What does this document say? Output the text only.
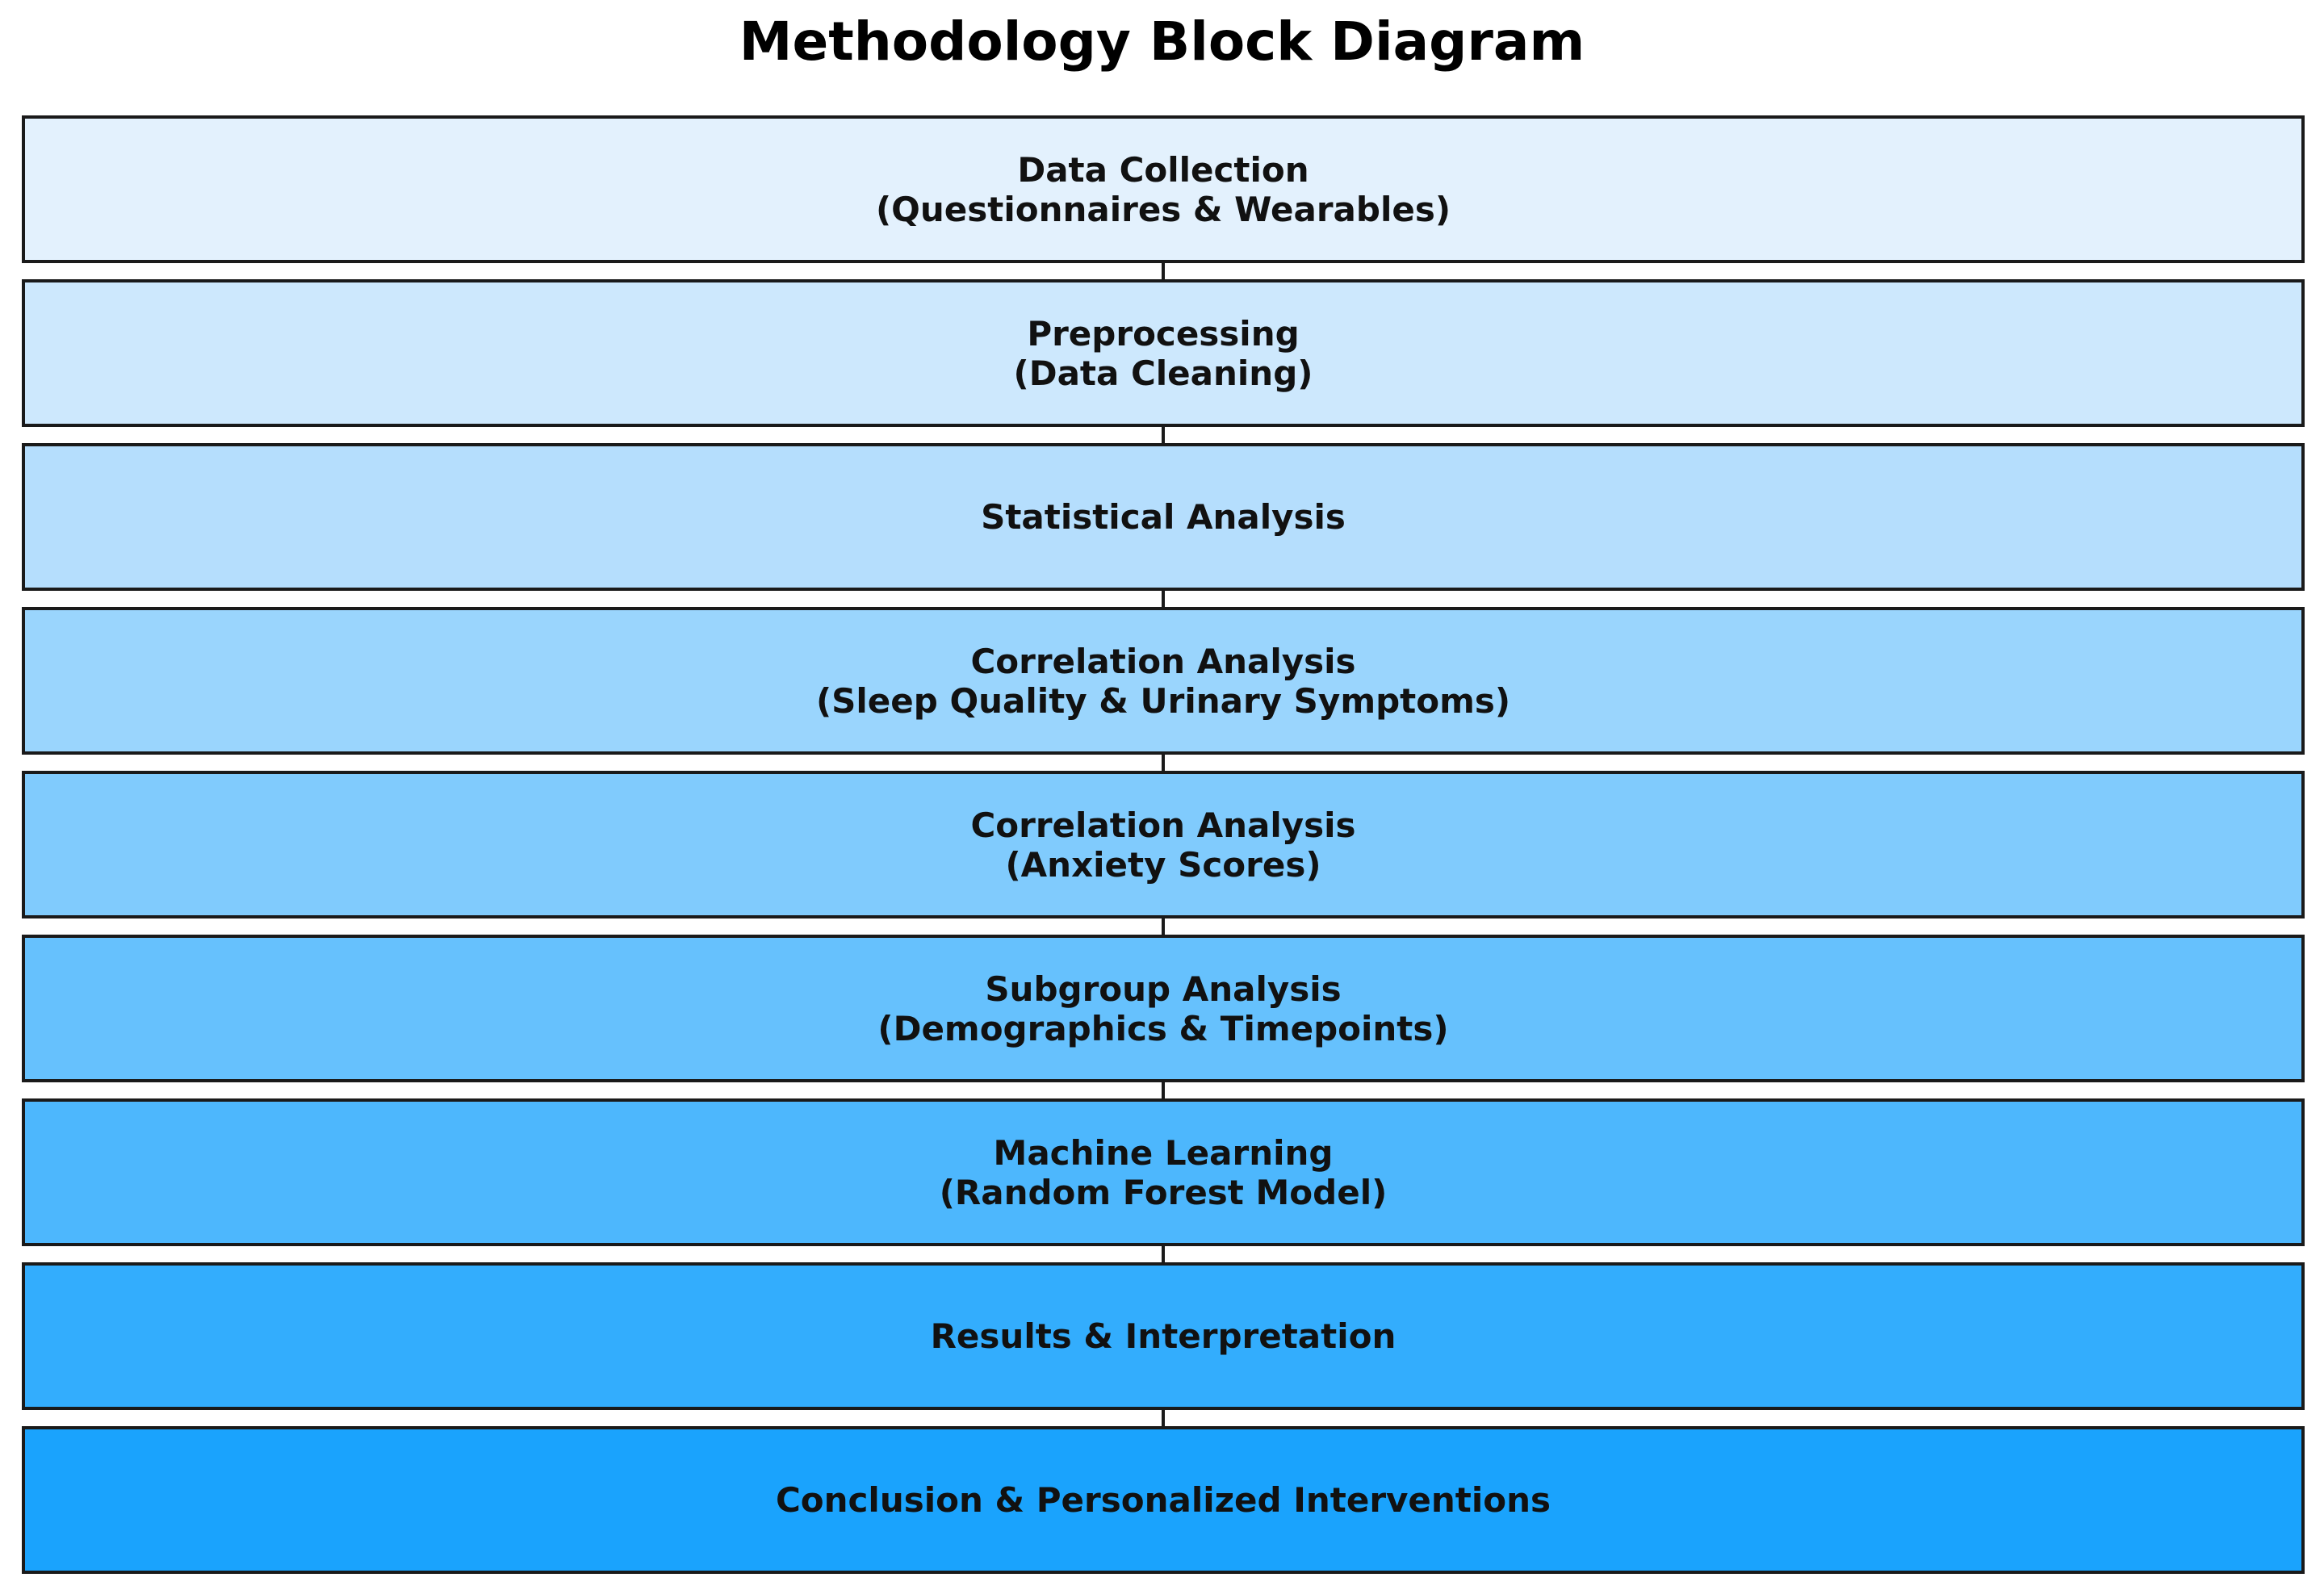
Methodology Block Diagram
Data Collection
(Questionnaires & Wearables)
Preprocessing
(Data Cleaning)
Statistical Analysis
Correlation Analysis
(Sleep Quality & Urinary Symptoms)
Correlation Analysis
(Anxiety Scores)
Subgroup Analysis
(Demographics & Timepoints)
Machine Learning
(Random Forest Model)
Results & Interpretation
Conclusion & Personalized Interventions
